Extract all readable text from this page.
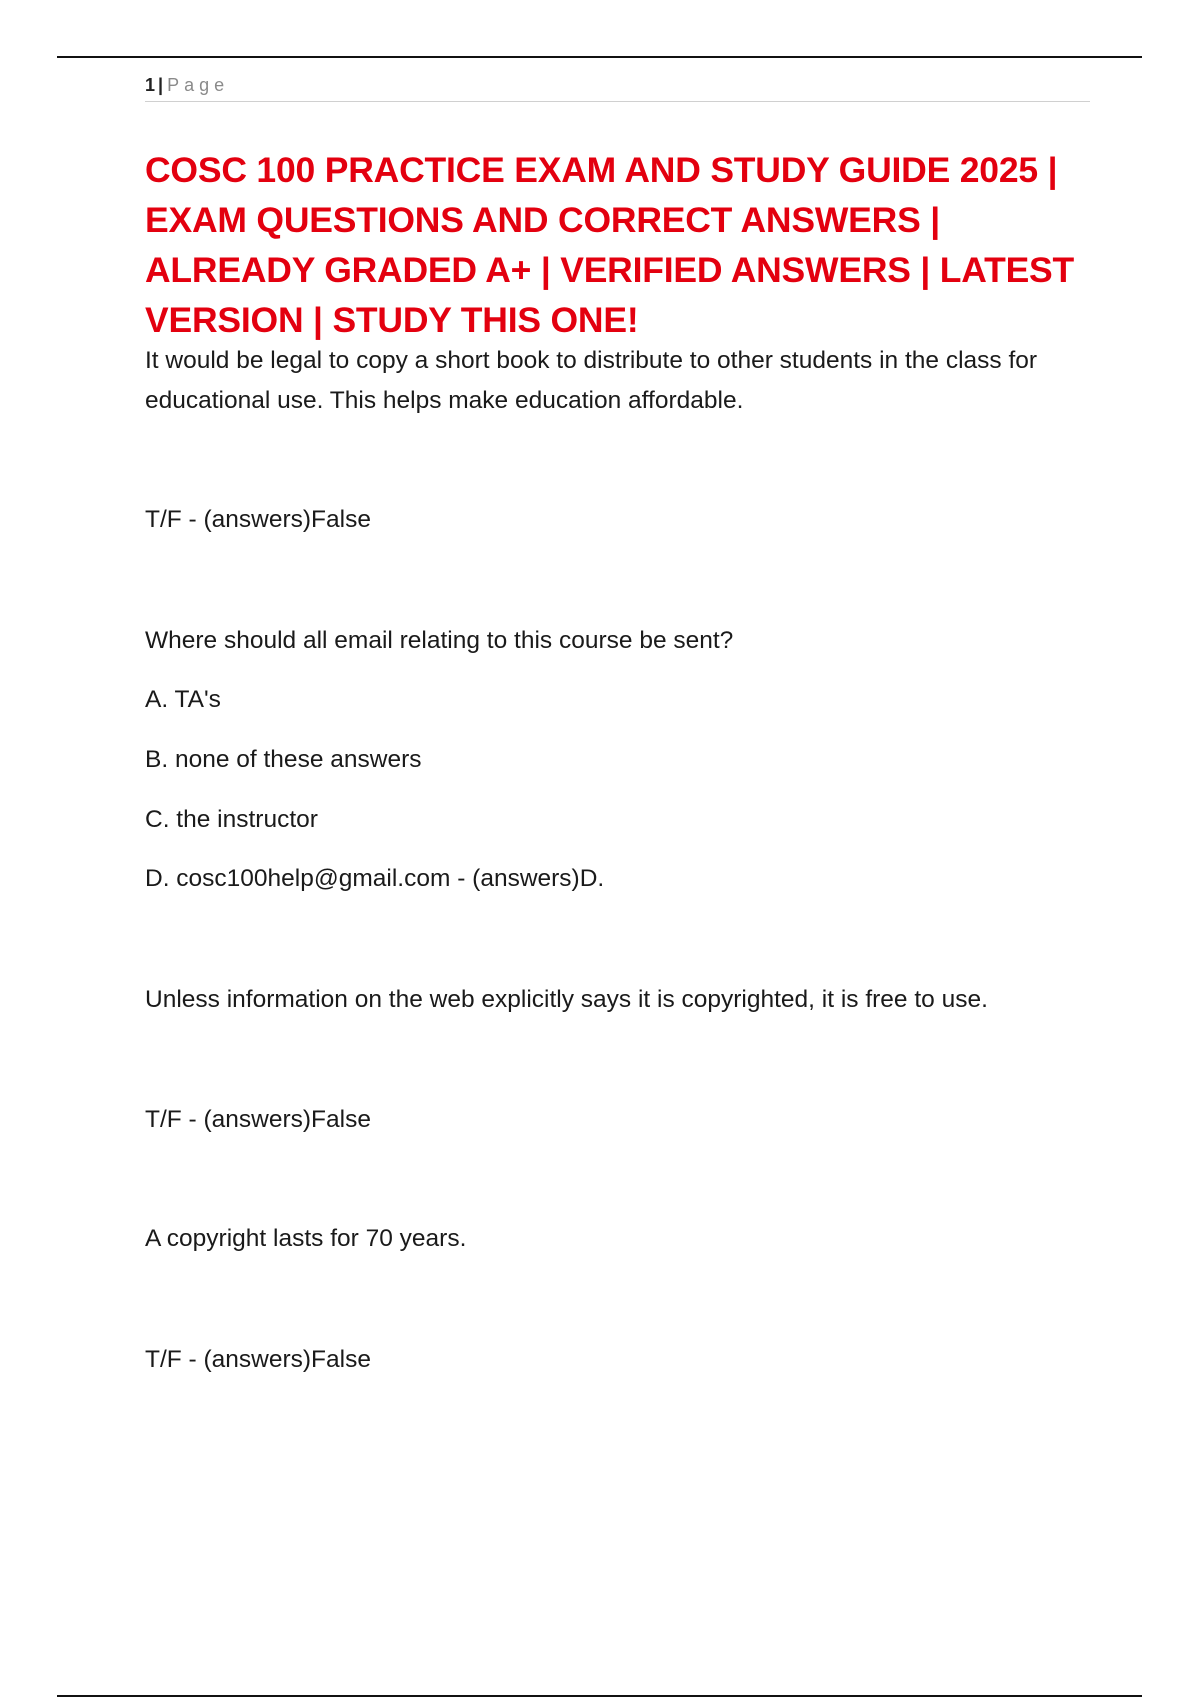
1 | Page
COSC 100 PRACTICE EXAM AND STUDY GUIDE 2025 | EXAM QUESTIONS AND CORRECT ANSWERS | ALREADY GRADED A+ | VERIFIED ANSWERS | LATEST VERSION | STUDY THIS ONE!

It would be legal to copy a short book to distribute to other students in the class for educational use. This helps make education affordable.

T/F - (answers)False

Where should all email relating to this course be sent?

A. TA's

B. none of these answers

C. the instructor

D. cosc100help@gmail.com - (answers)D.

Unless information on the web explicitly says it is copyrighted, it is free to use.

T/F - (answers)False

A copyright lasts for 70 years.

T/F - (answers)False
